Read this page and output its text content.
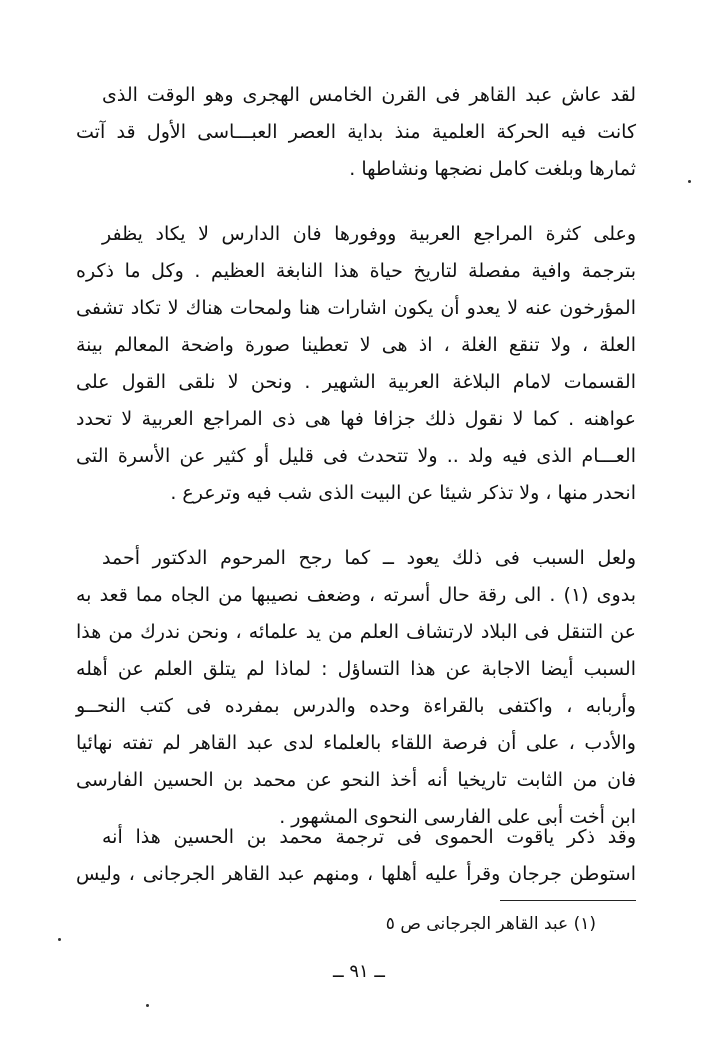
لقد عاش عبد القاهر فى القرن الخامس الهجرى وهو الوقت الذى
كانت فيه الحركة العلمية منذ بداية العصر العبـــاسى الأول قد آتت
ثمارها وبلغت كامل نضجها ونشاطها .
وعلى كثرة المراجع العربية ووفورها فان الدارس لا يكاد يظفر
بترجمة وافية مفصلة لتاريخ حياة هذا النابغة العظيم . وكل ما ذكره
المؤرخون عنه لا يعدو أن يكون اشارات هنا ولمحات هناك لا تكاد تشفى
العلة ، ولا تنقع الغلة ، اذ هى لا تعطينا صورة واضحة المعالم بينة
القسمات لامام البلاغة العربية الشهير . ونحن لا نلقى القول على
عواهنه . كما لا نقول ذلك جزافا فها هى ذى المراجع العربية لا تحدد
العـــام الذى فيه ولد .. ولا تتحدث فى قليل أو كثير عن الأسرة التى
انحدر منها ، ولا تذكر شيئا عن البيت الذى شب فيه وترعرع .
ولعل السبب فى ذلك يعود ــ كما رجح المرحوم الدكتور أحمد
بدوى (١) . الى رقة حال أسرته ، وضعف نصيبها من الجاه مما قعد به
عن التنقل فى البلاد لارتشاف العلم من يد علمائه ، ونحن ندرك من هذا
السبب أيضا الاجابة عن هذا التساؤل : لماذا لم يتلق العلم عن أهله
وأربابه ، واكتفى بالقراءة وحده والدرس بمفرده فى كتب النحــو
والأدب ، على أن فرصة اللقاء بالعلماء لدى عبد القاهر لم تفته نهائيا
فان من الثابت تاريخيا أنه أخذ النحو عن محمد بن الحسين الفارسى
ابن أخت أبى على الفارسى النحوى المشهور .
وقد ذكر ياقوت الحموى فى ترجمة محمد بن الحسين هذا أنه
استوطن جرجان وقرأ عليه أهلها ، ومنهم عبد القاهر الجرجانى ، وليس
(١) عبد القاهر الجرجانى ص ٥
ــ ٩١ ــ
